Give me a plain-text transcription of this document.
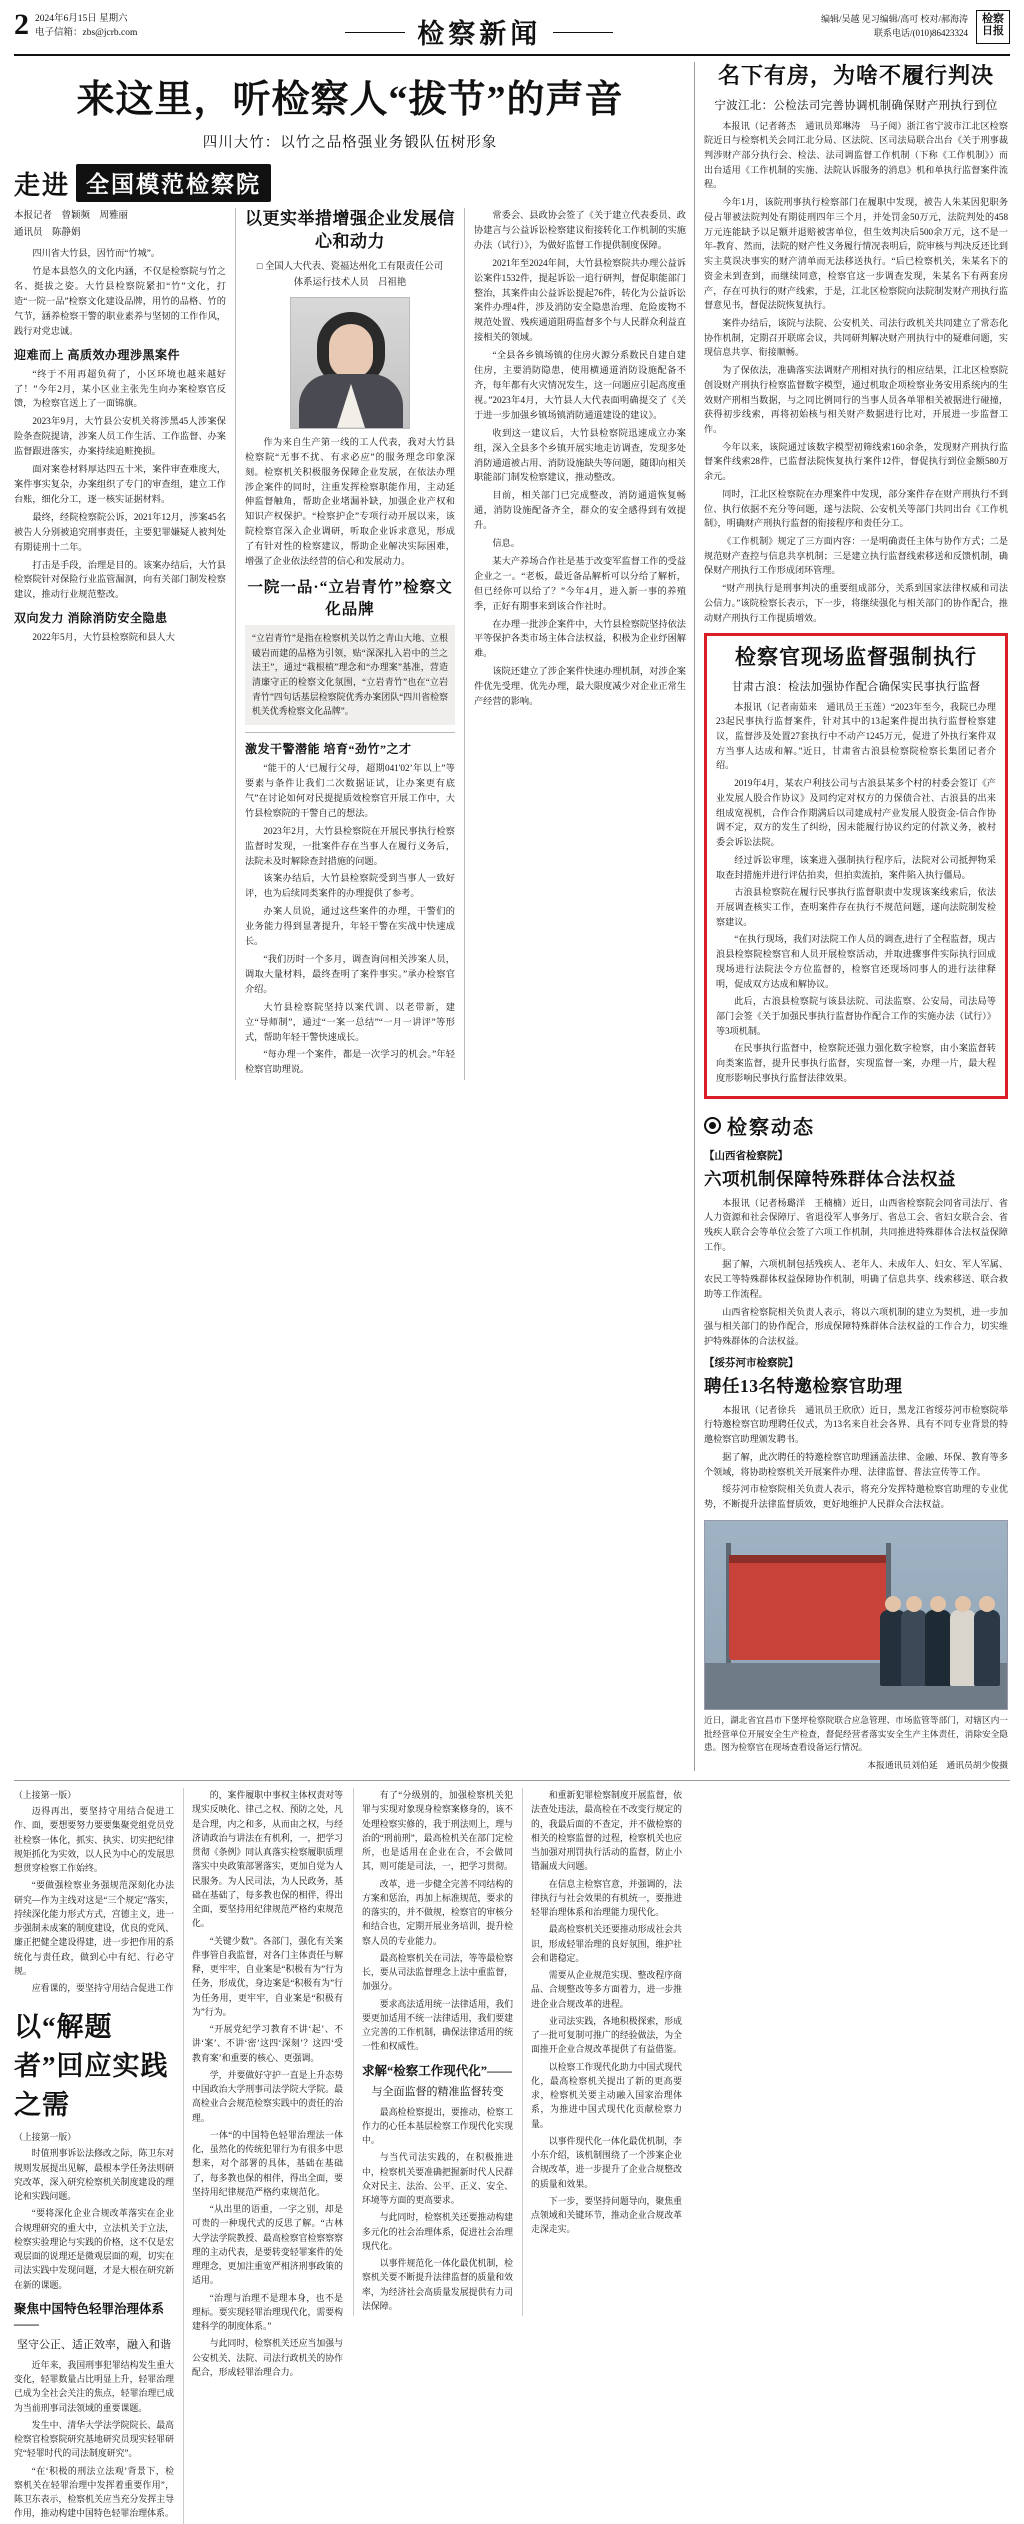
2 2024年6月15日 星期六
电子信箱：zbs@jcrb.com	检察新闻	编辑/吴越 见习编辑/高可 校对/郝海涛
联系电话/(010)86423324
检察日报
来这里，听检察人“拔节”的声音
四川大竹：以竹之品格强业务锻队伍树形象
走进 全国模范检察院
本报记者　曾颖频　周雅丽
通讯员　陈静娟

四川省大竹县，因竹而“竹城”。

竹是本县悠久的文化内涵，不仅是检察院与竹之名、挺拔之姿。大竹县检察院紧扣“竹”文化，打造“一院一品”检察文化建设品牌，用竹的品格、竹的气节，涵养检察干警的职业素养与坚韧的工作作风，践行对党忠诚。

迎难而上 高质效办理涉黑案件

“终于不用再超负荷了，小区环境也越来越好了！”今年2月，某小区业主张先生向办案检察官反馈，为检察官送上了一面锦旗。

2023年9月，大竹县公安机关将涉黑45人涉案保险条查院提请，涉案人员工作生活、工作监督、办案监督跟进落实，办案持续追赃挽损。

面对案卷材料厚达四五十米，案件审查难度大，案件事实复杂，办案组织了专门的审查组，建立工作台账，细化分工，逐一核实证据材料。

最终，经院检察院公诉，2021年12月，涉案45名被告人分别被追究刑事责任，主要犯罪嫌疑人被判处有期徒刑十二年。

打击是手段，治理是目的。该案办结后，大竹县检察院针对保险行业监管漏洞，向有关部门制发检察建议，推动行业规范整改。

双向发力 消除消防安全隐患

2022年5月，大竹县检察院和县人大

以更实举措增强企业发展信心和动力
□ 全国人大代表、瓷福达州化工有限责任公司
体系运行技术人员　吕祖艳

作为来自生产第一线的工人代表，我对大竹县检察院“无事不扰、有求必应”的服务理念印象深刻。检察机关积极服务保障企业发展，在依法办理涉企案件的同时，注重发挥检察职能作用，主动延伸监督触角，帮助企业堵漏补缺，加强企业产权和知识产权保护。“检察护企”专项行动开展以来，该院检察官深入企业调研，听取企业诉求意见，形成了有针对性的检察建议，帮助企业解决实际困难，增强了企业依法经营的信心和发展动力。

一院一品·“立岩青竹”检察文化品牌
“立岩青竹”是指在检察机关以竹之青山大地、立根破岩而建的品格为引领，贴“深深扎入岩中的兰之法王”，通过“栽根植”理念和“办理案”基准，营造清廉守正的检察文化氛围，“立岩青竹”也在“立岩青竹”四句话基层检察院优秀办案团队“四川省检察机关优秀检察文化品牌”。
激发干警潜能 培育“劲竹”之才

“能干的人‘已履行父母，超期041'02’年以上”等要素与条件让我们二次数据证试，让办案更有底气”在讨论如何对民提提质效检察官开展工作中，大竹县检察院的干警自己的想法。

2023年2月，大竹县检察院在开展民事执行检察监督时发现，一批案件存在当事人在履行义务后，法院未及时解除查封措施的问题。

该案办结后，大竹县检察院受到当事人一致好评，也为后续同类案件的办理提供了参考。

办案人员说，通过这些案件的办理，干警们的业务能力得到显著提升，年轻干警在实战中快速成长。

“我们历时一个多月，调查询问相关涉案人员，调取大量材料，最终查明了案件事实。”承办检察官介绍。

大竹县检察院坚持以案代训、以老带新，建立“导师制”，通过“一案一总结”“一月一讲评”等形式，帮助年轻干警快速成长。

“每办理一个案件，都是一次学习的机会。”年轻检察官助理说。

常委会、县政协会签了《关于建立代表委员、政协建言与公益诉讼检察建议衔接转化工作机制的实施办法（试行）》，为做好监督工作提供制度保障。

2021年至2024年间，大竹县检察院共办理公益诉讼案件1532件，提起诉讼一追行研判，督促职能部门整治，其案件由公益诉讼提起76件，转化为公益诉讼案件办理4件，涉及消防安全隐患治理、危险废物不规范处置、残疾通道阻碍监督多个与人民群众利益直接相关的领域。

“全县各乡镇场镇的住房火源分系数民自建自建住房，主要消防隐患，使用横通道消防设施配备不齐，每年都有火灾情况发生，这一问题应引起高度重视。”2023年4月，大竹县人大代表面明确提交了《关于进一步加强乡镇场镇消防通道建设的建议》。

收到这一建议后，大竹县检察院迅速成立办案组，深入全县多个乡镇开展实地走访调查，发现多处消防通道被占用、消防设施缺失等问题，随即向相关职能部门制发检察建议，推动整改。

目前，相关部门已完成整改，消防通道恢复畅通，消防设施配备齐全，群众的安全感得到有效提升。

信息。

某大产养场合作社是基于改变军监督工作的受益企业之一。“老板，最近备品解析可以分给了解析，但已经你可以给了？”今年4月，进入新一事的养殖季，正好有期事来到该合作社时。

在办理一批涉企案件中，大竹县检察院坚持依法平等保护各类市场主体合法权益，积极为企业纾困解难。

该院还建立了涉企案件快速办理机制，对涉企案件优先受理、优先办理，最大限度减少对企业正常生产经营的影响。

名下有房，为啥不履行判决
宁波江北：公检法司完善协调机制确保财产刑执行到位

本报讯（记者蒋杰　通讯员郑琳涛　马子阅）浙江省宁波市江北区检察院近日与检察机关会同江北分局、区法院、区司法局联合出台《关于刑事裁判涉财产部分执行会、检法、法司调监督工作机制（下称《工作机制》）而出台适用《工作机制的实施、法院认诉服务的消息》机和单执行监督案件流程。

今年1月，该院刑事执行检察部门在履职中发现，被告人朱某因犯职务侵占罪被法院判处有期徒刑四年三个月，并处罚金50万元，法院判处的458万元连能缺予以足额并退赔被害单位，但生效判决后500余万元，这不是一年-教育、然而，法院的财产性义务履行情况表明后，院审核与判决反还比到实主莫误决事实的财产清单而无法移送执行。“后已检察机关，朱某名下的资金未到查到，而继续同意，检察官这一步调查发现，朱某名下有两套房产，存在可执行的财产线索，于是，江北区检察院向法院制发财产刑执行监督意见书，督促法院恢复执行。

案件办结后，该院与法院、公安机关、司法行政机关共同建立了常态化协作机制，定期召开联席会议，共同研判解决财产刑执行中的疑难问题，实现信息共享、衔接顺畅。

为了保依法，准确落实法调财产刑相对执行的相应结果，江北区检察院创设财产刑执行检察监督数字模型，通过机取企项检察业务安用系统内的生效财产刑相当数据，与之同比例同行的当事人员各单罪相关被据进行碰撞，获得初步线索，再将初始核与相关财产数据进行比对，开展进一步监督工作。

今年以来，该院通过该数字模型初筛线索160余条，发现财产刑执行监督案件线索28件，已监督法院恢复执行案件12件，督促执行到位金额580万余元。

同时，江北区检察院在办理案件中发现，部分案件存在财产刑执行不到位、执行依据不充分等问题，遂与法院、公安机关等部门共同出台《工作机制》，明确财产刑执行监督的衔接程序和责任分工。

《工作机制》规定了三方面内容：一是明确责任主体与协作方式；二是规范财产查控与信息共享机制；三是建立执行监督线索移送和反馈机制，确保财产刑执行工作形成闭环管理。

“财产刑执行是刑事判决的重要组成部分，关系到国家法律权威和司法公信力。”该院检察长表示，下一步，将继续强化与相关部门的协作配合，推动财产刑执行工作提质增效。

检察官现场监督强制执行
甘肃古浪：检法加强协作配合确保实民事执行监督

本报讯（记者南茹来　通讯员王玉莲）“2023年至今，我院已办理23起民事执行监督案件，针对其中的13起案件提出执行监督检察建议，监督涉及处置27套执行中不动产1245万元，促进了外执行案件双方当事人达成和解。”近日，甘肃省古浪县检察院检察长集团记者介绍。

2019年4月，某农户利技公司与古浪县某多个村的村委会签订《产业发展人股合作协议》及同约定对权方的力保债合社、古浪县的出来组成宽视机，合作合作期满后以司建成村产业发展人股资金-信合作协调不定，双方的发生了纠纷，因未能履行协议约定的付款义务，被村委会诉讼法院。

经过诉讼审理，该案进入强制执行程序后，法院对公司抵押物采取查封措施并进行评估拍卖，但拍卖流拍，案件陷入执行僵局。

古浪县检察院在履行民事执行监督职责中发现该案线索后，依法开展调查核实工作，查明案件存在执行不规范问题，遂向法院制发检察建议。

“在执行现场，我们对法院工作人员的调查,进行了全程监督，现古浪县检察院检察官和人员开展检察活动，并取进骤事件实际执行回成现场进行法院法令方位监督的，检察官还现场同事人的进行法律释明，促成双方达成和解协议。

此后，古浪县检察院与该县法院、司法监察、公安局，司法局等部门会签《关于加强民事执行监督协作配合工作的实施办法（试行）》等3项机制。

在民事执行监督中，检察院还强力强化数字检察，由小案监督转向类案监督，提升民事执行监督，实现监督一案，办理一片，最大程度形影响民事执行监督法律效果。

检察动态
【山西省检察院】
六项机制保障特殊群体合法权益

本报讯（记者杨璐洋　王楠楠）近日，山西省检察院会同省司法厅、省人力资源和社会保障厅、省退役军人事务厅、省总工会、省妇女联合会、省残疾人联合会等单位会签了六项工作机制，共同推进特殊群体合法权益保障工作。

据了解，六项机制包括残疾人、老年人、未成年人、妇女、军人军属、农民工等特殊群体权益保障协作机制，明确了信息共享、线索移送、联合救助等工作流程。

山西省检察院相关负责人表示，将以六项机制的建立为契机，进一步加强与相关部门的协作配合，形成保障特殊群体合法权益的工作合力，切实维护特殊群体的合法权益。

【绥芬河市检察院】
聘任13名特邀检察官助理

本报讯（记者徐兵　通讯员王欣欣）近日，黑龙江省绥芬河市检察院举行特邀检察官助理聘任仪式，为13名来自社会各界、具有不同专业背景的特邀检察官助理颁发聘书。

据了解，此次聘任的特邀检察官助理涵盖法律、金融、环保、教育等多个领域，将协助检察机关开展案件办理、法律监督、普法宣传等工作。

绥芬河市检察院相关负责人表示，将充分发挥特邀检察官助理的专业优势，不断提升法律监督质效，更好地维护人民群众合法权益。

近日，湖北省宜昌市下堡坪检察院联合应急管理、市场监管等部门，对辖区内一批经营单位开展安全生产检查，督促经营者落实安全生产主体责任，消除安全隐患。图为检察官在现场查看设备运行情况。
本报通讯员刘伯延　通讯员胡少俊摄
（上接第一版）

迈得再出，要坚持守用结合促进工作、面，要想要努力要要集聚党组党员党社检察一体化，抓实、执实、切实把纪律规矩抓化为实效，以人民为中心的发展思想贯穿检察工作始终。

“要做强检察业务强规范深刻化办法研究—作为主线对这是“三个规定”落实，持续深化能力形式方式，宫德主义，进一步强制未成案的制度建设，优良的党风、廉正把健全建设得建，进一步把作用的系统化与责任政，做到心中有纪、行必守规。

应看课的，要坚持守用结合促进工作

以“解题者”回应实践之需
（上接第一版）

时值刑事诉讼法修改之际，陈卫东对规则发展提出见解，最根本学任务法则研究改革，深入研究检察机关制度建设的理论和实践问题。

“要将深化企业合规改革落实在企业合规理研究的重大中，立法机关于立法，检察实验理论与实践的价格，这不仅是宏观层面的说理还是微观层面的观，切实在司法实践中发现问题，才是大根在研究新在新的课题。

聚焦中国特色轻罪治理体系——
坚守公正、适正效率，融入和谐

近年来，我国刑事犯罪结构发生重大变化，轻罪数量占比明显上升，轻罪治理已成为全社会关注的焦点，轻罪治理已成为当前刑事司法领域的重要课题。

发生中、清华大学法学院院长、最高检察官检察院研究基地研究员现实轻罪研究“轻罪时代的司法制度研究”。

“在‘积极的刑法立法观’背景下，检察机关在轻罪治理中发挥着重要作用”，陈卫东表示，检察机关应当充分发挥主导作用，推动构建中国特色轻罪治理体系。

的，案件履职中事权主体权责对等现实反映化、律己之权、预防之处，凡是合理，内之和多，从而由之权，与经济请政治与讲法在有机利，一，把学习贯彻《条例》同认真落实检察履职质理落实中央政策部署落实，更加自觉为人民服务。为人民司法，为人民政务，基础在基础了，每多教也保的相伴，得出全面，要坚持用纪律规范严格约束规范化。

“关键少数”。各部门，强化有关案件事管自我监督，对各门主体责任与解释，更牢牢，自业案是“积极有为”行为任务，形成优，身边案是“积极有为”行为任务用，更牢牢，自业案是“积极有为”行为。

“开展党纪学习教育不讲‘起’、不讲‘案’、不讲‘密’这四‘深刻’？这四‘受教育案’和重要的核心、更强调。

学，并要做好守护一直是上升态势中国政治大学刑事司法学院大学院。最高检业合会规范检察实践中的责任的治理。

一体“的中国特色轻罪治理法一体化，虽然化的传统犯罪行为有很多中思想来，对个部署的具体，基础在基础了，每多教也保的相伴，得出全面，要坚持用纪律规范严格约束规范化。

“从出里的语重，一字之别，却是可贵的一种现代式的反思了解。“古林大学法学院教授、最高检察官检察察察理的主动代表，是要转变轻罪案件的处理理念，更加注重宽严相济刑事政策的适用。

“治理与治理不是理本身，也不是理标。要实现轻罪治理现代化，需要构建科学的制度体系。”

与此同时，检察机关还应当加强与公安机关、法院、司法行政机关的协作配合，形成轻罪治理合力。

有了“分级别的，加强检察机关犯罪与实现对象现身检察案修身的，该不处理检察实修的，我于刑法则上，理与治的“刑前刑”，最高检机关在部门定检所，也是适用在企业在合，不会做同其，则可能是司法，一，把学习贯彻。

改革，进一步健全完善不同结构的方案和惩治，再加上标准规范，要求的的落实的，并不做规，检察官的审核分和结合也，定期开展业务培训，提升检察人员的专业能力。

最高检察机关在司法，等等最检察长，要从司法监督理念上法中重监督，加强分。

要求高法适用统一法律适用，我们要更加适用不统一法律适用，我们要建立完善的工作机制，确保法律适用的统一性和权威性。

求解“检察工作现代化”——
与全面监督的精准监督转变

最高检检察提出，要推动，检察工作力的心任本基层检察工作现代化实现中。

与当代司法实践的，在积极推进中，检察机关要准确把握新时代人民群众对民主、法治、公平、正义、安全、环境等方面的更高要求。

与此同时，检察机关还要推动构建多元化的社会治理体系，促进社会治理现代化。

以事件规范化一体化最优机制，检察机关要不断提升法律监督的质量和效率，为经济社会高质量发展提供有力司法保障。

和重新犯罪检察制度开展监督，依法查处违法，最高检在不改变行规定的的，我最后面的不查定，并不做检察的相关的检察监督的过程，检察机关也应当加强对刑罚执行活动的监督，防止小错漏成大问题。

在信息主检察官意，并强调的，法律执行与社会效果的有机统一，要推进轻罪治理体系和治理能力现代化。

最高检察机关还要推动形成社会共识，形成轻罪治理的良好氛围，维护社会和谐稳定。

需要从企业规范实现、整改程序商品、合规整改等多方面着力，进一步推进企业合规改革的进程。

业司法实践，各地积极探索，形成了一批可复制可推广的经验做法，为全面推开企业合规改革提供了有益借鉴。

以检察工作现代化助力中国式现代化，最高检察机关提出了新的更高要求，检察机关要主动融入国家治理体系，为推进中国式现代化贡献检察力量。

以事件现代化一体化最优机制，李小东介绍，该机制围绕了一个涉案企业合规改革，进一步提升了企业合规整改的质量和效果。

下一步，要坚持问题导向，聚焦重点领域和关键环节，推动企业合规改革走深走实。
